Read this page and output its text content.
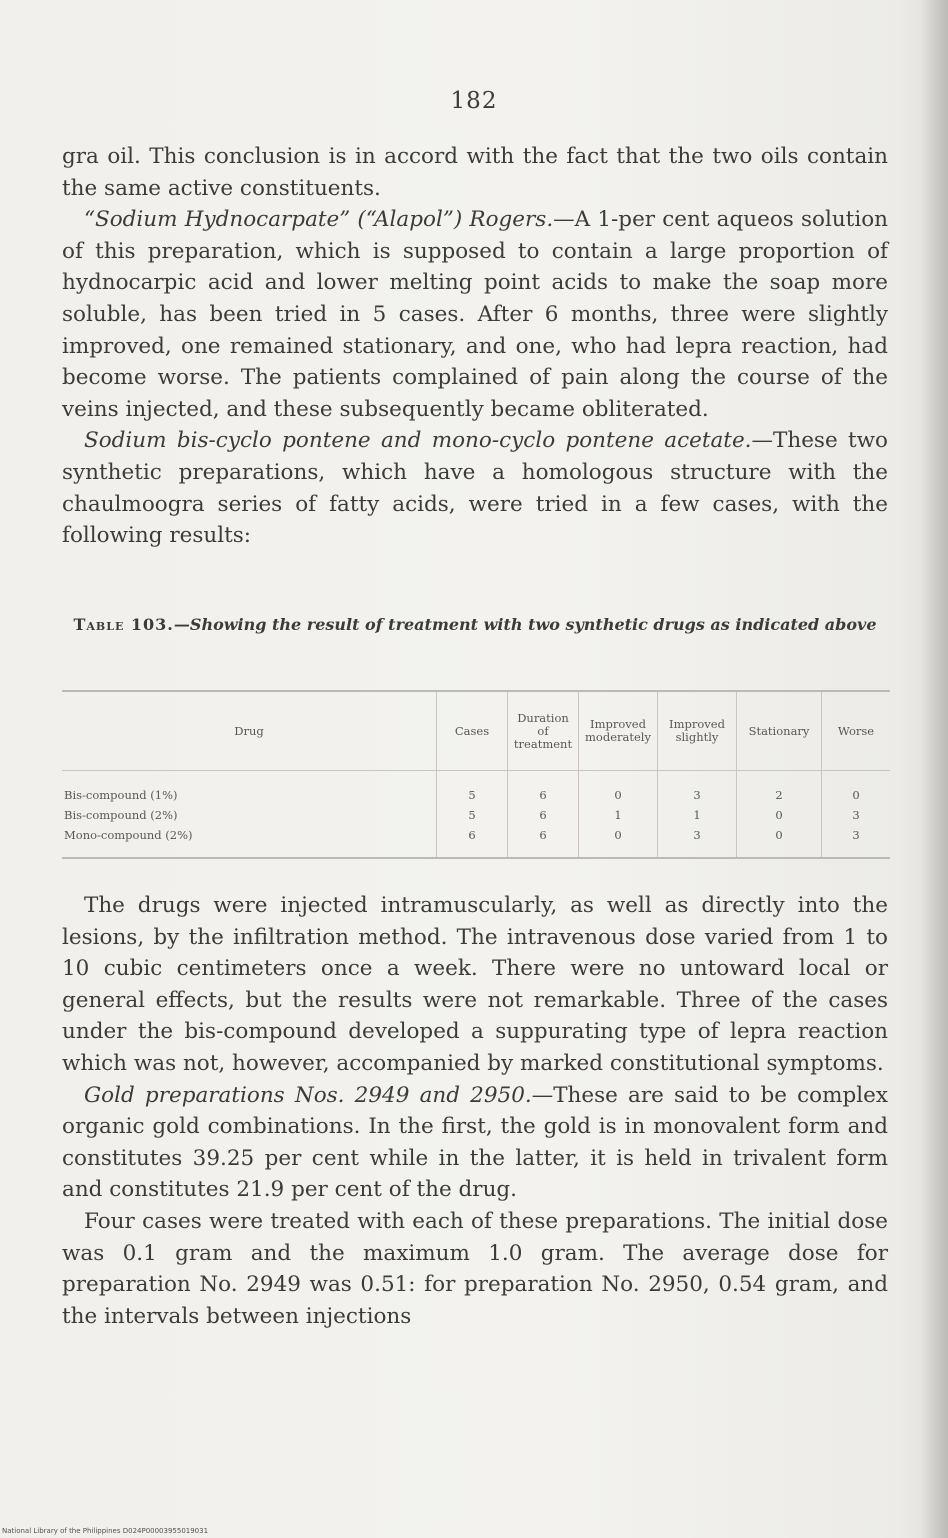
182

gra oil. This conclusion is in accord with the fact that the two oils contain the same active constituents.

“Sodium Hydnocarpate” (“Alapol”) Rogers.—A 1-per cent aqueos solution of this preparation, which is supposed to contain a large proportion of hydnocarpic acid and lower melting point acids to make the soap more soluble, has been tried in 5 cases. After 6 months, three were slightly improved, one remained stationary, and one, who had lepra reaction, had become worse. The patients complained of pain along the course of the veins injected, and these subsequently became obliterated.

Sodium bis-cyclo pontene and mono-cyclo pontene acetate.—These two synthetic preparations, which have a homologous structure with the chaulmoogra series of fatty acids, were tried in a few cases, with the following results:

Table 103.—Showing the result of treatment with two synthetic drugs as indicated above
Drug	Cases	Duration of treatment	Improved moderately	Improved slightly	Stationary	Worse
Bis-compound (1%)	5	6	0	3	2	0
Bis-compound (2%)	5	6	1	1	0	3
Mono-compound (2%)	6	6	0	3	0	3

The drugs were injected intramuscularly, as well as directly into the lesions, by the infiltration method. The intravenous dose varied from 1 to 10 cubic centimeters once a week. There were no untoward local or general effects, but the results were not remarkable. Three of the cases under the bis-compound developed a suppurating type of lepra reaction which was not, however, accompanied by marked constitutional symptoms.

Gold preparations Nos. 2949 and 2950.—These are said to be complex organic gold combinations. In the first, the gold is in monovalent form and constitutes 39.25 per cent while in the latter, it is held in trivalent form and constitutes 21.9 per cent of the drug.

Four cases were treated with each of these preparations. The initial dose was 0.1 gram and the maximum 1.0 gram. The average dose for preparation No. 2949 was 0.51: for preparation No. 2950, 0.54 gram, and the intervals between injections

National Library of the Philippines D024P00003955019031
